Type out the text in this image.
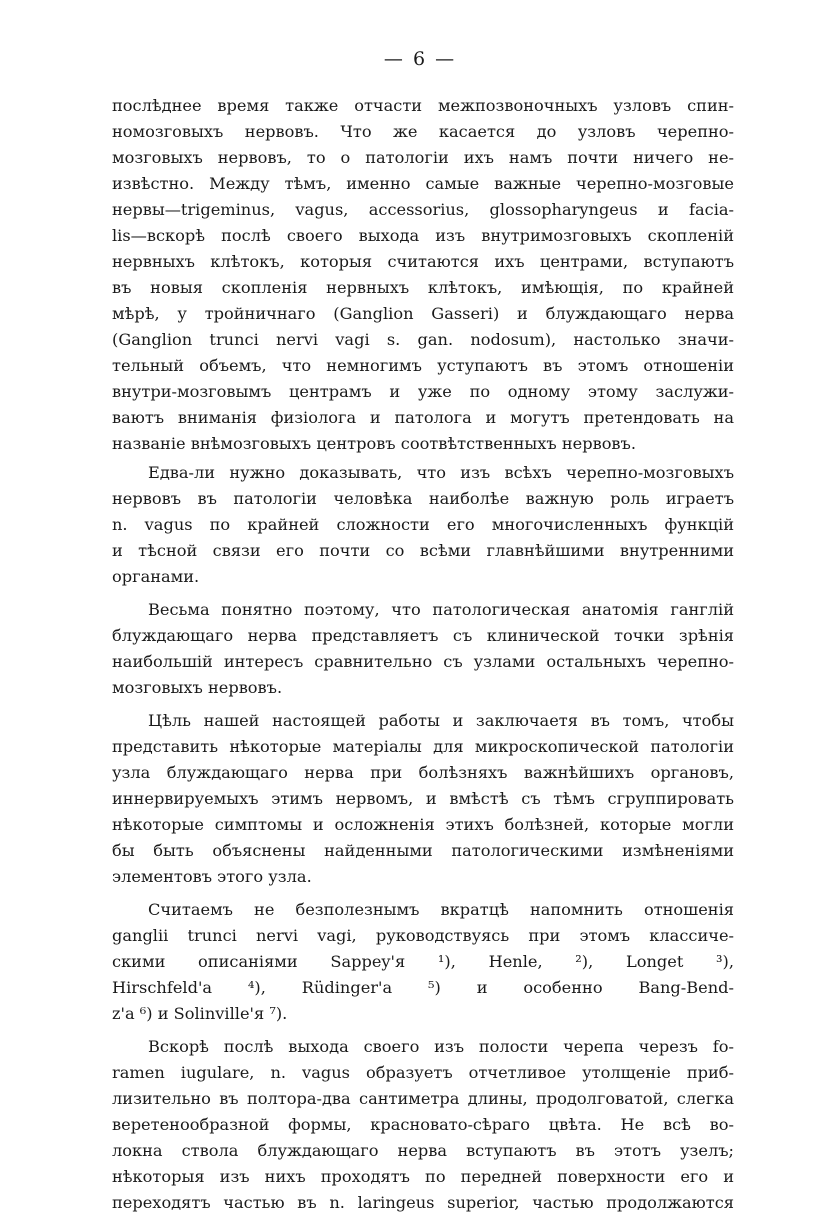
— 6 —
послѣднее время также отчасти межпозвоночныхъ узловъ спин-
номозговыхъ нервовъ. Что же касается до узловъ черепно-
мозговыхъ нервовъ, то о патологіи ихъ намъ почти ничего не-
извѣстно. Между тѣмъ, именно самые важные черепно-мозговые
нервы—trigeminus, vagus, accessorius, glossopharyngeus и facia-
lis—вскорѣ послѣ своего выхода изъ внутримозговыхъ скопленій
нервныхъ клѣтокъ, которыя считаются ихъ центрами, вступаютъ
въ новыя скопленія нервныхъ клѣтокъ, имѣющія, по крайней
мѣрѣ, у тройничнаго (Ganglion Gasseri) и блуждающаго нерва
(Ganglion trunci nervi vagi s. gan. nodosum), настолько значи-
тельный объемъ, что немногимъ уступаютъ въ этомъ отношеніи
внутри-мозговымъ центрамъ и уже по одному этому заслужи-
ваютъ вниманія физіолога и патолога и могутъ претендовать на
названіе внѣмозговыхъ центровъ соотвѣтственныхъ нервовъ.
Едва-ли нужно доказывать, что изъ всѣхъ черепно-мозговыхъ
нервовъ въ патологіи человѣка наиболѣе важную роль играетъ
n. vagus по крайней сложности его многочисленныхъ функцій
и тѣсной связи его почти со всѣми главнѣйшими внутренними
органами.
Весьма понятно поэтому, что патологическая анатомія ганглій
блуждающаго нерва представляетъ съ клинической точки зрѣнія
наибольшій интересъ сравнительно съ узлами остальныхъ черепно-
мозговыхъ нервовъ.
Цѣль нашей настоящей работы и заключаетя въ томъ, чтобы
представить нѣкоторые матеріалы для микроскопической патологіи
узла блуждающаго нерва при болѣзняхъ важнѣйшихъ органовъ,
иннервируемыхъ этимъ нервомъ, и вмѣстѣ съ тѣмъ сгруппировать
нѣкоторые симптомы и осложненія этихъ болѣзней, которые могли
бы быть объяснены найденными патологическими измѣненіями
элементовъ этого узла.
Считаемъ не безполезнымъ вкратцѣ напомнить отношенія
ganglii trunci nervi vagi, руководствуясь при этомъ классиче-
скими описаніями Sappey'я ¹), Henle, ²), Longet ³),
Hirschfeld'а ⁴), Rüdinger'а ⁵) и особенно Bang-Bend-
z'а ⁶) и Solinville'я ⁷).
Вскорѣ послѣ выхода своего изъ полости черепа черезъ fo-
ramen iugulare, n. vagus образуетъ отчетливое утолщеніе приб-
лизительно въ полтора-два сантиметра длины, продолговатой, слегка
веретенообразной формы, красновато-сѣраго цвѣта. Не всѣ во-
локна ствола блуждающаго нерва вступаютъ въ этотъ узелъ;
нѣкоторыя изъ нихъ проходятъ по передней поверхности его и
переходятъ частью въ n. laringeus superior, частью продолжаются
